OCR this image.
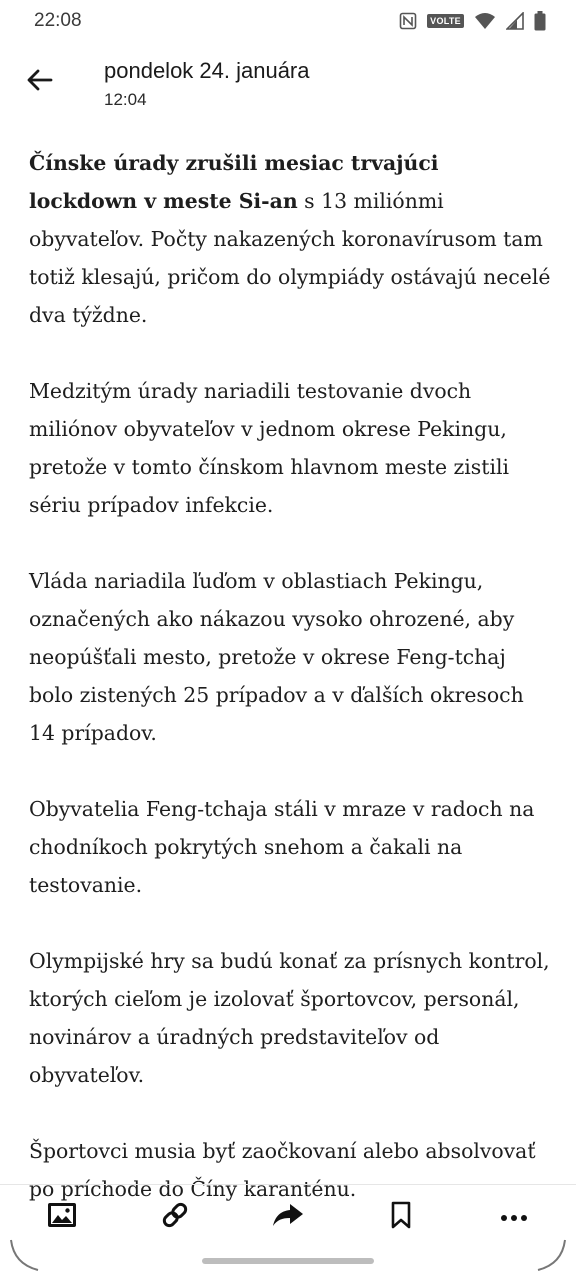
22:08	VOLTE
pondelok 24. januára
12:04

Čínske úrady zrušili mesiac trvajúci lockdown v meste Si-an s 13 miliónmi obyvateľov. Počty nakazených koronavírusom tam totiž klesajú, pričom do olympiády ostávajú necelé dva týždne.

Medzitým úrady nariadili testovanie dvoch miliónov obyvateľov v jednom okrese Pekingu, pretože v tomto čínskom hlavnom meste zistili sériu prípadov infekcie.

Vláda nariadila ľuďom v oblastiach Pekingu, označených ako nákazou vysoko ohrozené, aby neopúšťali mesto, pretože v okrese Feng-tchaj bolo zistených 25 prípadov a v ďalších okresoch 14 prípadov.

Obyvatelia Feng-tchaja stáli v mraze v radoch na chodníkoch pokrytých snehom a čakali na testovanie.

Olympijské hry sa budú konať za prísnych kontrol, ktorých cieľom je izolovať športovcov, personál, novinárov a úradných predstaviteľov od obyvateľov.

Športovci musia byť zaočkovaní alebo absolvovať po príchode do Číny karanténu.
